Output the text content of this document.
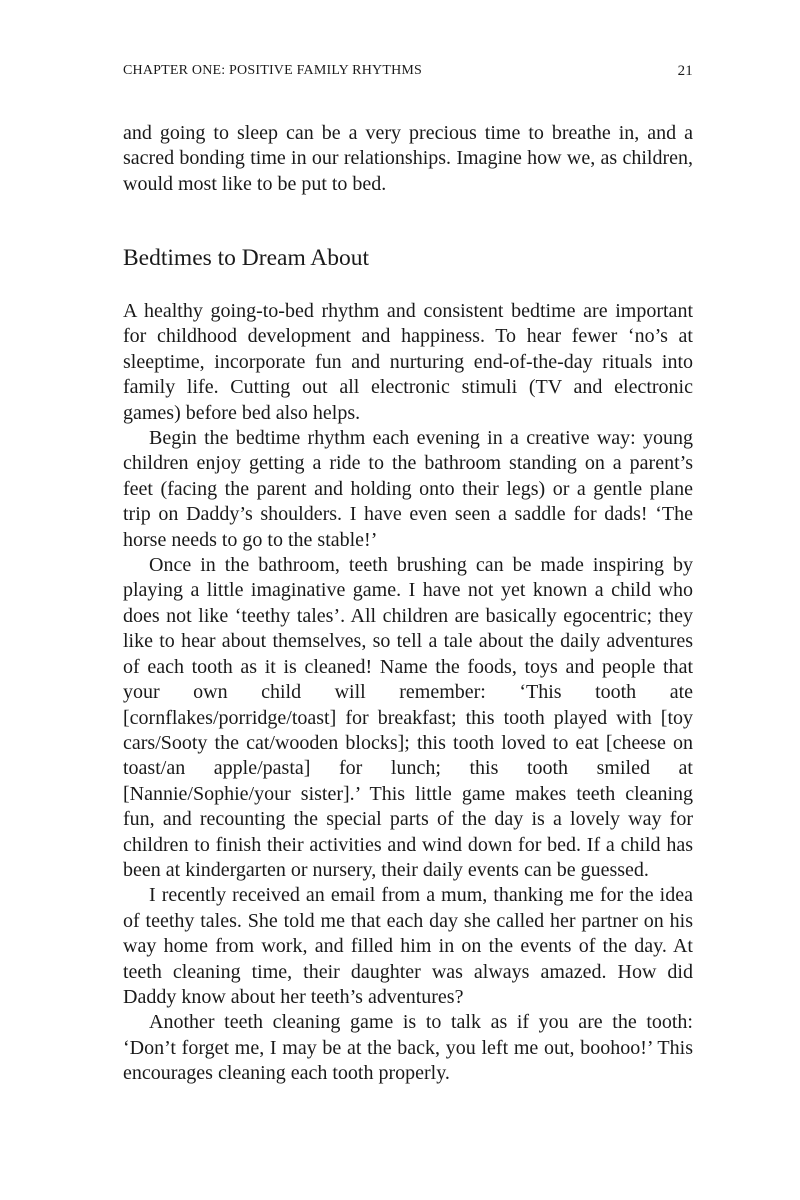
CHAPTER ONE: POSITIVE FAMILY RHYTHMS	21

and going to sleep can be a very precious time to breathe in, and a sacred bonding time in our relationships. Imagine how we, as children, would most like to be put to bed.

Bedtimes to Dream About

A healthy going-to-bed rhythm and consistent bedtime are important for childhood development and happiness. To hear fewer ‘no’s at sleeptime, incorporate fun and nurturing end-of-the-day rituals into family life. Cutting out all electronic stimuli (TV and electronic games) before bed also helps.

Begin the bedtime rhythm each evening in a creative way: young children enjoy getting a ride to the bathroom standing on a parent’s feet (facing the parent and holding onto their legs) or a gentle plane trip on Daddy’s shoulders. I have even seen a saddle for dads! ‘The horse needs to go to the stable!’

Once in the bathroom, teeth brushing can be made inspiring by playing a little imaginative game. I have not yet known a child who does not like ‘teethy tales’. All children are basically egocentric; they like to hear about themselves, so tell a tale about the daily adventures of each tooth as it is cleaned! Name the foods, toys and people that your own child will remember: ‘This tooth ate [cornflakes/porridge/toast] for breakfast; this tooth played with [toy cars/Sooty the cat/wooden blocks]; this tooth loved to eat [cheese on toast/an apple/pasta] for lunch; this tooth smiled at [Nannie/Sophie/your sister].’ This little game makes teeth cleaning fun, and recounting the special parts of the day is a lovely way for children to finish their activities and wind down for bed. If a child has been at kindergarten or nursery, their daily events can be guessed.

I recently received an email from a mum, thanking me for the idea of teethy tales. She told me that each day she called her partner on his way home from work, and filled him in on the events of the day. At teeth cleaning time, their daughter was always amazed. How did Daddy know about her teeth’s adventures?

Another teeth cleaning game is to talk as if you are the tooth: ‘Don’t forget me, I may be at the back, you left me out, boohoo!’ This encourages cleaning each tooth properly.
